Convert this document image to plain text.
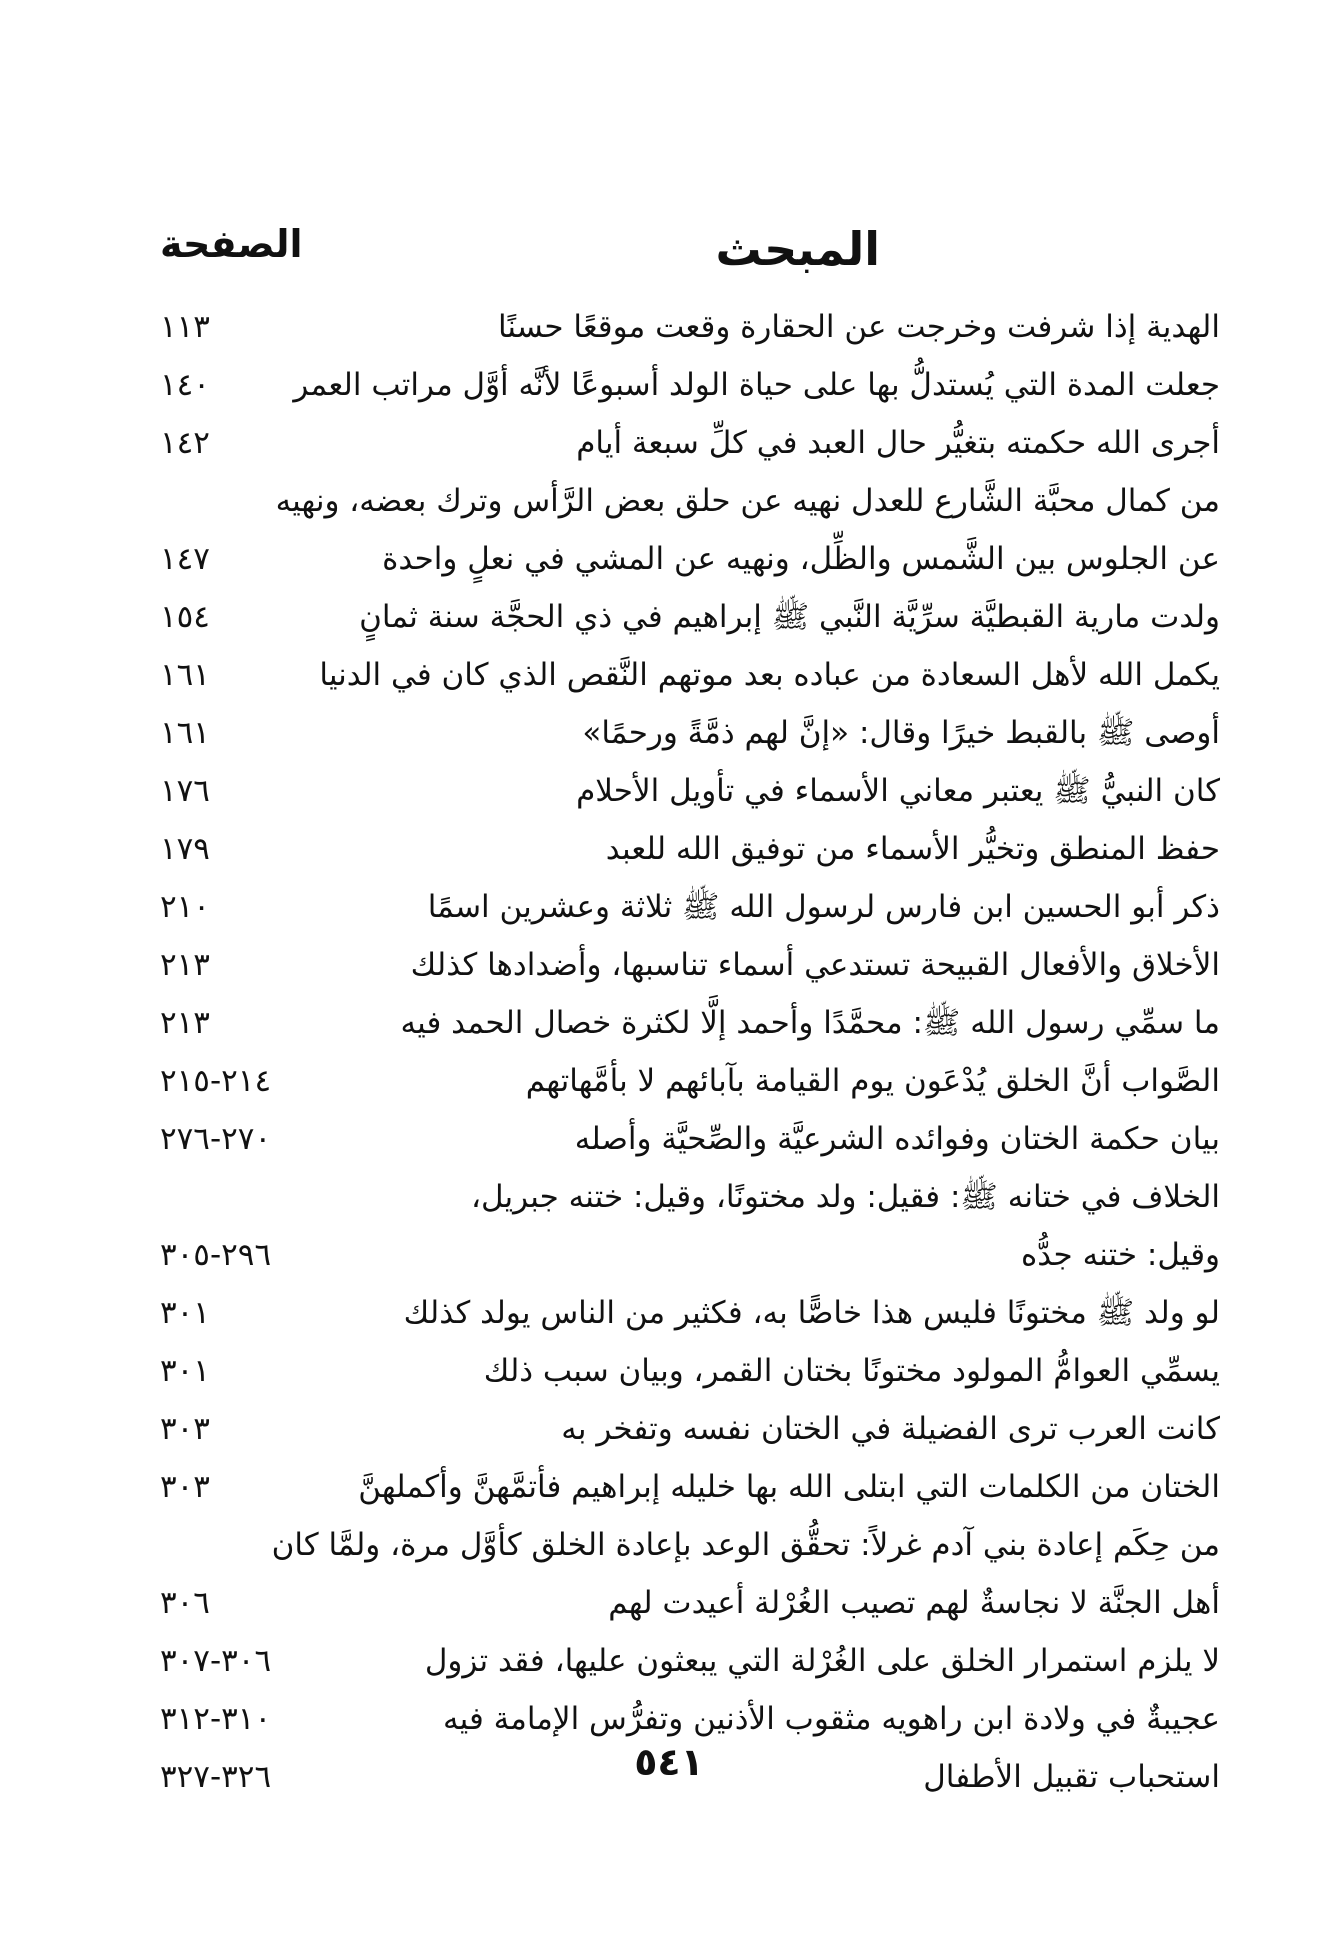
المبحث
الصفحة
الهدية إذا شرفت وخرجت عن الحقارة وقعت موقعًا حسنًا
١١٣
جعلت المدة التي يُستدلُّ بها على حياة الولد أسبوعًا لأنَّه أوَّل مراتب العمر
١٤٠
أجرى الله حكمته بتغيُّر حال العبد في كلِّ سبعة أيام
١٤٢
من كمال محبَّة الشَّارع للعدل نهيه عن حلق بعض الرَّأس وترك بعضه، ونهيه
عن الجلوس بين الشَّمس والظِّل، ونهيه عن المشي في نعلٍ واحدة
١٤٧
ولدت مارية القبطيَّة سرِّيَّة النَّبي ﷺ إبراهيم في ذي الحجَّة سنة ثمانٍ
١٥٤
يكمل الله لأهل السعادة من عباده بعد موتهم النَّقص الذي كان في الدنيا
١٦١
أوصى ﷺ بالقبط خيرًا وقال: «إنَّ لهم ذمَّةً ورحمًا»
١٦١
كان النبيُّ ﷺ يعتبر معاني الأسماء في تأويل الأحلام
١٧٦
حفظ المنطق وتخيُّر الأسماء من توفيق الله للعبد
١٧٩
ذكر أبو الحسين ابن فارس لرسول الله ﷺ ثلاثة وعشرين اسمًا
٢١٠
الأخلاق والأفعال القبيحة تستدعي أسماء تناسبها، وأضدادها كذلك
٢١٣
ما سمِّي رسول الله ﷺ: محمَّدًا وأحمد إلَّا لكثرة خصال الحمد فيه
٢١٣
الصَّواب أنَّ الخلق يُدْعَون يوم القيامة بآبائهم لا بأمَّهاتهم
٢١٤-٢١٥
بيان حكمة الختان وفوائده الشرعيَّة والصِّحيَّة وأصله
٢٧٠-٢٧٦
الخلاف في ختانه ﷺ: فقيل: ولد مختونًا، وقيل: ختنه جبريل،
وقيل: ختنه جدُّه
٢٩٦-٣٠٥
لو ولد ﷺ مختونًا فليس هذا خاصًّا به، فكثير من الناس يولد كذلك
٣٠١
يسمِّي العوامُّ المولود مختونًا بختان القمر، وبيان سبب ذلك
٣٠١
كانت العرب ترى الفضيلة في الختان نفسه وتفخر به
٣٠٣
الختان من الكلمات التي ابتلى الله بها خليله إبراهيم فأتمَّهنَّ وأكملهنَّ
٣٠٣
من حِكَم إعادة بني آدم غرلاً: تحقُّق الوعد بإعادة الخلق كأوَّل مرة، ولمَّا كان
أهل الجنَّة لا نجاسةٌ لهم تصيب الغُرْلة أعيدت لهم
٣٠٦
لا يلزم استمرار الخلق على الغُرْلة التي يبعثون عليها، فقد تزول
٣٠٦-٣٠٧
عجيبةٌ في ولادة ابن راهويه مثقوب الأذنين وتفرُّس الإمامة فيه
٣١٠-٣١٢
استحباب تقبيل الأطفال
٣٢٦-٣٢٧	٥٤١
